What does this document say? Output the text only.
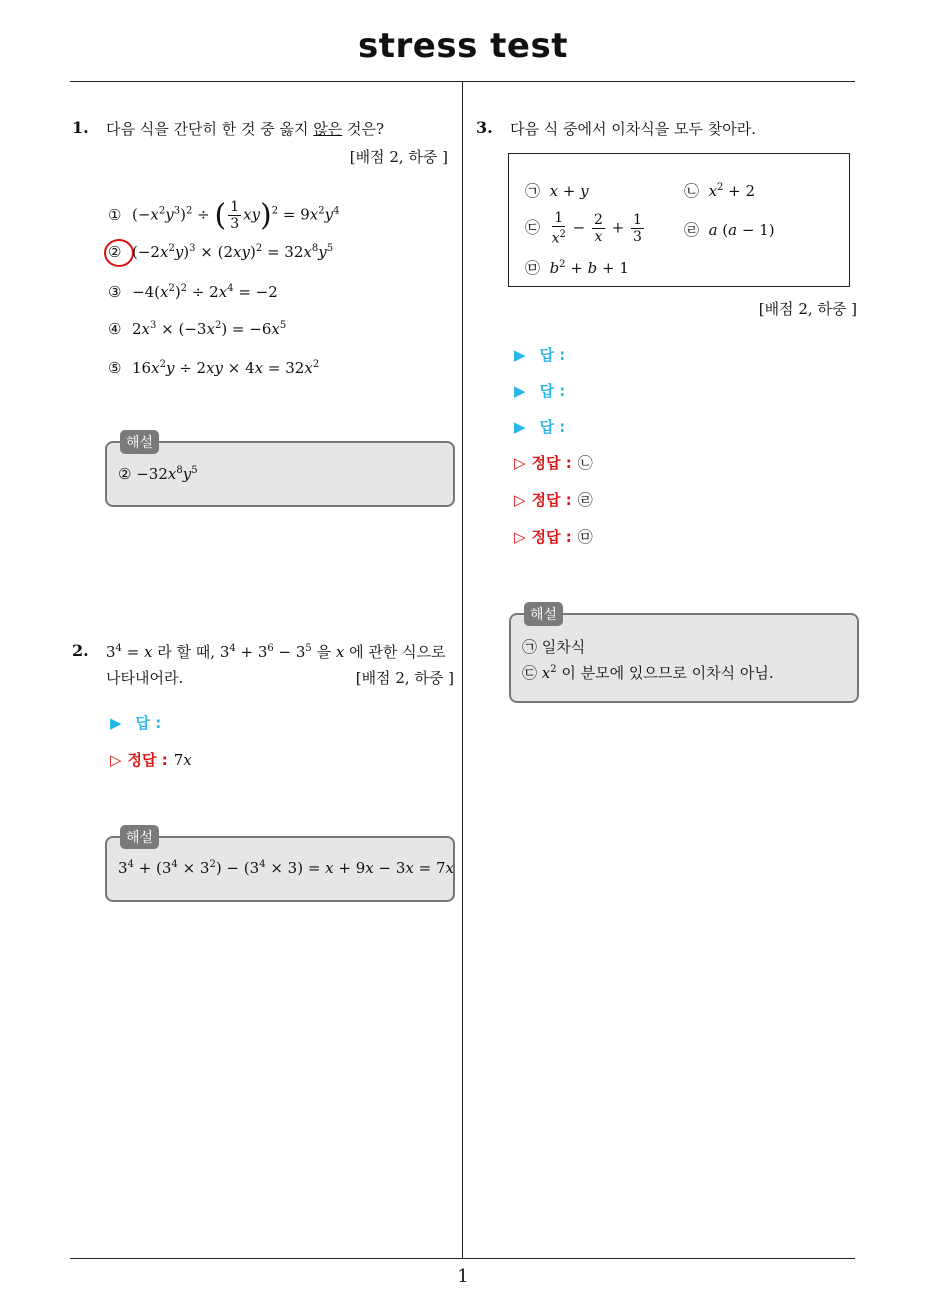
stress test
1. 다음 식을 간단히 한 것 중 옳지 않은 것은?
[배점 2, 하중 ]
① $(-x^2y^3)^2$ ÷ ( $\frac{1}{3} xy)^2 = 9x^2y^4$
② $(-2x^2y)^3 \times (2xy)^2 = 32x^8y^5$
③ $-4(x^2)^2 \div 2x^4 = -2$
④ $2x^3 \times (-3x^2) = -6x^5$
⑤ $16x^2y \div 2xy \times 4x = 32x^2$
해설
② $-32x^8y^5$
2. $3^4 = x$ 라 할 때, $3^4 + 3^6 - 3^5$ 을 x 에 관한 식으로
나타내어라.	[배점 2, 하중 ]
▶ 답 :
▷ 정답 : 7x
해설
$3^4 + (3^4 \times 3^2) - (3^4 \times 3) = x + 9x - 3x = 7x$
3. 다음 식 중에서 이차식을 모두 찾아라.
㉠ x + y	㉡ $x^2 + 2$
㉢ $\frac{1}{x^2} - \frac{2}{x} + \frac{1}{3}$	㉣ a (a − 1)
㉤ $b^2 + b + 1$
[배점 2, 하중 ]
▶ 답 :
▶ 답 :
▶ 답 :
▷ 정답 : ㉡
▷ 정답 : ㉣
▷ 정답 : ㉤
해설
㉠ 일차식
㉢ $x^2$ 이 분모에 있으므로 이차식 아님.
1
